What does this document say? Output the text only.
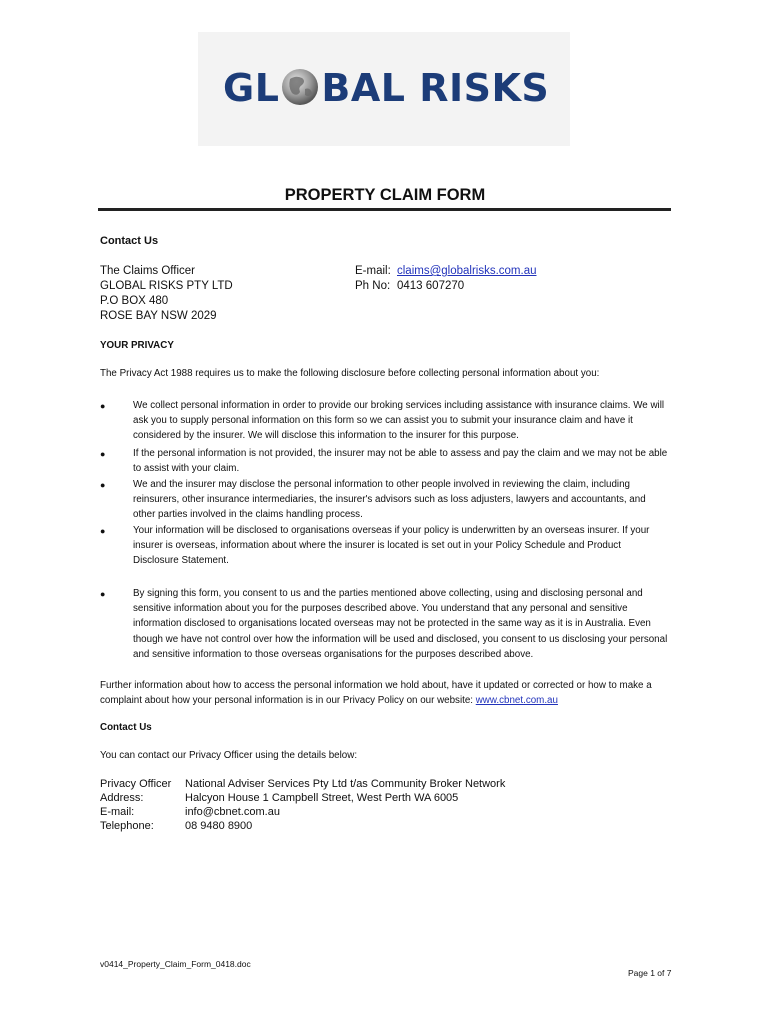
GL BAL RISKS
PROPERTY CLAIM FORM
Contact Us
The Claims Officer
GLOBAL RISKS PTY LTD
P.O BOX 480
ROSE BAY NSW 2029
E-mail: claims@globalrisks.com.au
Ph No: 0413 607270
YOUR PRIVACY
The Privacy Act 1988 requires us to make the following disclosure before collecting personal information about you:
●	We collect personal information in order to provide our broking services including assistance with insurance claims. We will ask you to supply personal information on this form so we can assist you to submit your insurance claim and have it considered by the insurer. We will disclose this information to the insurer for this purpose.

●	If the personal information is not provided, the insurer may not be able to assess and pay the claim and we may not be able to assist with your claim.

●	We and the insurer may disclose the personal information to other people involved in reviewing the claim, including reinsurers, other insurance intermediaries, the insurer's advisors such as loss adjusters, lawyers and accountants, and other parties involved in the claims handling process.

●	Your information will be disclosed to organisations overseas if your policy is underwritten by an overseas insurer. If your insurer is overseas, information about where the insurer is located is set out in your Policy Schedule and Product Disclosure Statement.

●	By signing this form, you consent to us and the parties mentioned above collecting, using and disclosing personal and sensitive information about you for the purposes described above. You understand that any personal and sensitive information disclosed to organisations located overseas may not be protected in the same way as it is in Australia. Even though we have not control over how the information will be used and disclosed, you consent to us disclosing your personal and sensitive information to those overseas organisations for the purposes described above.

Further information about how to access the personal information we hold about, have it updated or corrected or how to make a complaint about how your personal information is in our Privacy Policy on our website: www.cbnet.com.au

Contact Us
You can contact our Privacy Officer using the details below:
Privacy Officer National Adviser Services Pty Ltd t/as Community Broker Network
Address:	Halcyon House 1 Campbell Street, West Perth WA 6005
E-mail:	info@cbnet.com.au
Telephone:	08 9480 8900
v0414_Property_Claim_Form_0418.doc
Page 1 of 7
